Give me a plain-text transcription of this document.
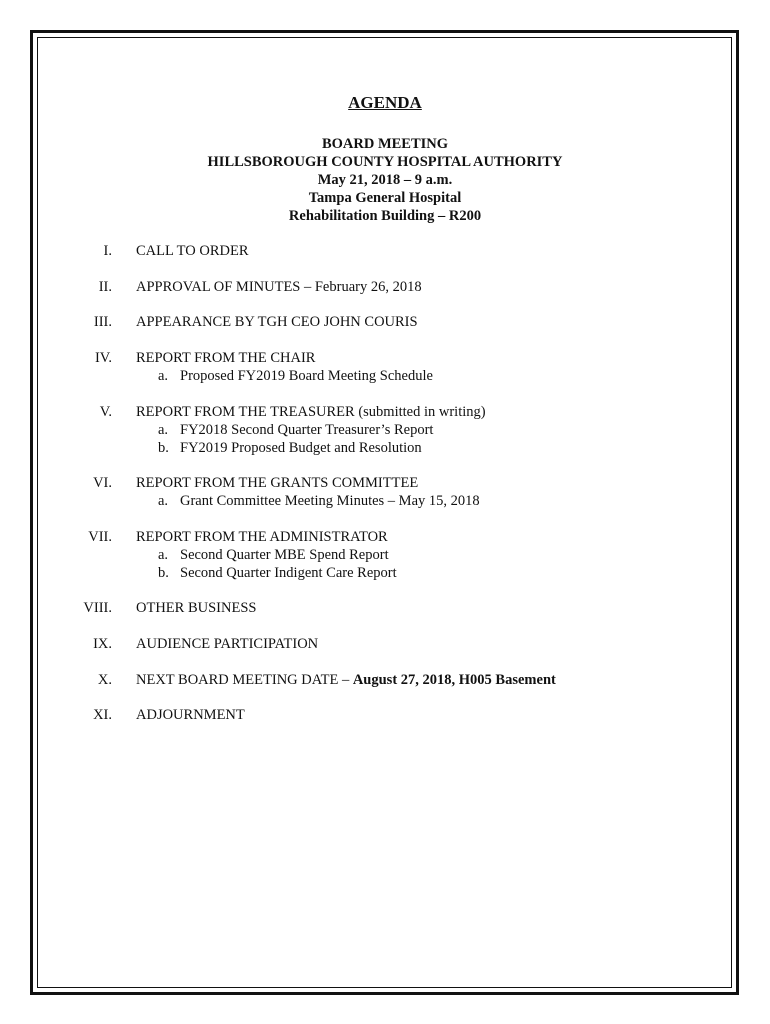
AGENDA
BOARD MEETING
HILLSBOROUGH COUNTY HOSPITAL AUTHORITY
May 21, 2018 – 9 a.m.
Tampa General Hospital
Rehabilitation Building – R200
I. CALL TO ORDER
II. APPROVAL OF MINUTES – February 26, 2018
III. APPEARANCE BY TGH CEO JOHN COURIS
IV. REPORT FROM THE CHAIR
a. Proposed FY2019 Board Meeting Schedule
V. REPORT FROM THE TREASURER (submitted in writing)
a. FY2018 Second Quarter Treasurer’s Report
b. FY2019 Proposed Budget and Resolution
VI. REPORT FROM THE GRANTS COMMITTEE
a. Grant Committee Meeting Minutes – May 15, 2018
VII. REPORT FROM THE ADMINISTRATOR
a. Second Quarter MBE Spend Report
b. Second Quarter Indigent Care Report
VIII. OTHER BUSINESS
IX. AUDIENCE PARTICIPATION
X. NEXT BOARD MEETING DATE – August 27, 2018, H005 Basement
XI. ADJOURNMENT
